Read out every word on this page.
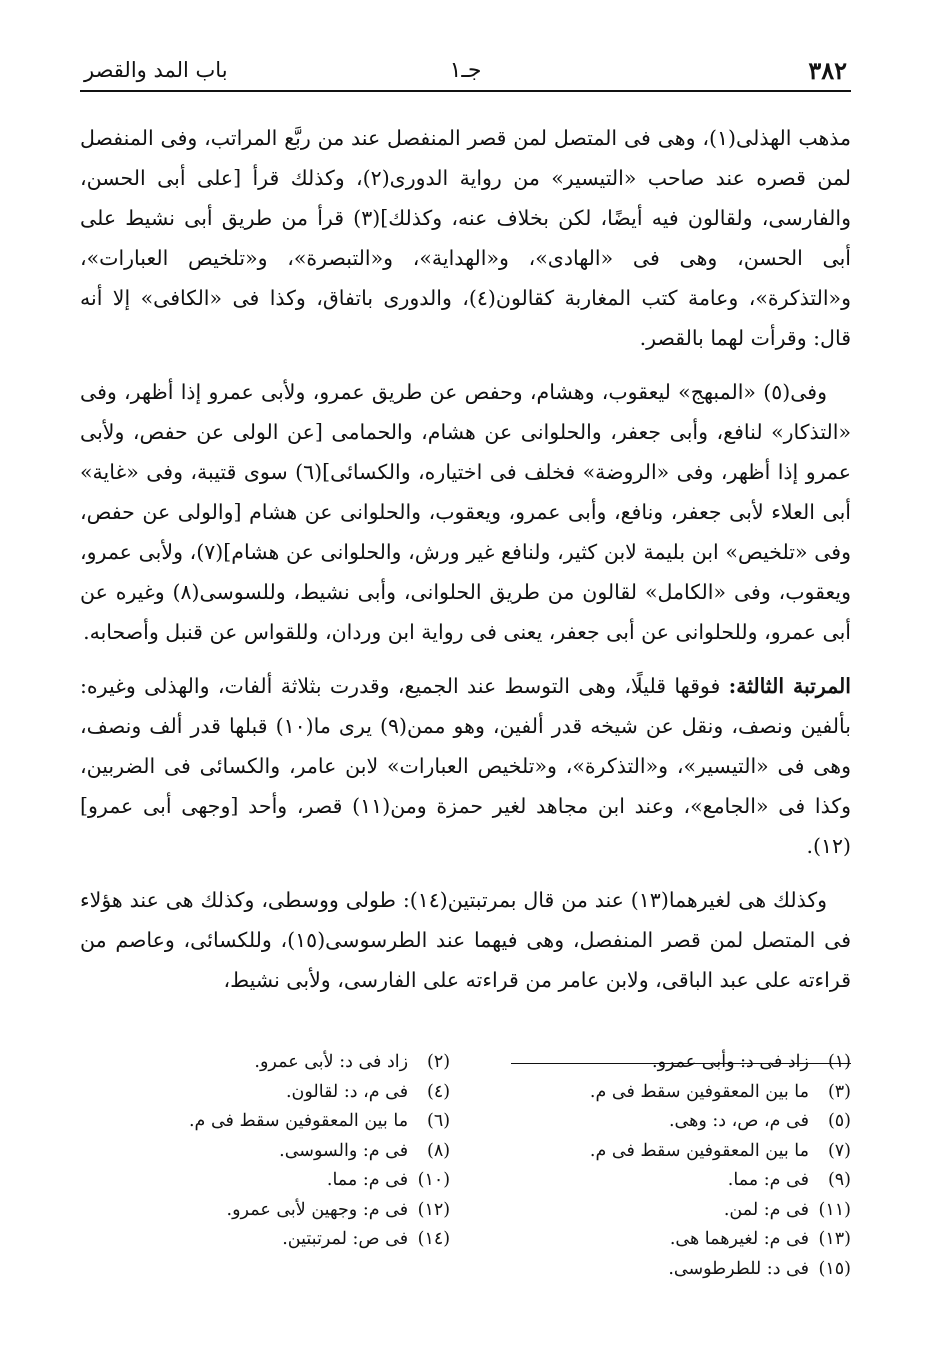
٣٨٢
جـ١
باب المد والقصر

مذهب الهذلى(١)، وهى فى المتصل لمن قصر المنفصل عند من ربَّع المراتب، وفى المنفصل لمن قصره عند صاحب «التيسير» من رواية الدورى(٢)، وكذلك قرأ [على أبى الحسن، والفارسى، ولقالون فيه أيضًا، لكن بخلاف عنه، وكذلك](٣) قرأ من طريق أبى نشيط على أبى الحسن، وهى فى «الهادى»، و«الهداية»، و«التبصرة»، و«تلخيص العبارات»، و«التذكرة»، وعامة كتب المغاربة كقالون(٤)، والدورى باتفاق، وكذا فى «الكافى» إلا أنه قال: وقرأت لهما بالقصر.

وفى(٥) «المبهج» ليعقوب، وهشام، وحفص عن طريق عمرو، ولأبى عمرو إذا أظهر، وفى «التذكار» لنافع، وأبى جعفر، والحلوانى عن هشام، والحمامى [عن الولى عن حفص، ولأبى عمرو إذا أظهر، وفى «الروضة» فخلف فى اختياره، والكسائى](٦) سوى قتيبة، وفى «غاية» أبى العلاء لأبى جعفر، ونافع، وأبى عمرو، ويعقوب، والحلوانى عن هشام [والولى عن حفص، وفى «تلخيص» ابن بليمة لابن كثير، ولنافع غير ورش، والحلوانى عن هشام](٧)، ولأبى عمرو، ويعقوب، وفى «الكامل» لقالون من طريق الحلوانى، وأبى نشيط، وللسوسى(٨) وغيره عن أبى عمرو، وللحلوانى عن أبى جعفر، يعنى فى رواية ابن وردان، وللقواس عن قنبل وأصحابه.

المرتبة الثالثة: فوقها قليلًا، وهى التوسط عند الجميع، وقدرت بثلاثة ألفات، والهذلى وغيره: بألفين ونصف، ونقل عن شيخه قدر ألفين، وهو ممن(٩) يرى ما(١٠) قبلها قدر ألف ونصف، وهى فى «التيسير»، و«التذكرة»، و«تلخيص العبارات» لابن عامر، والكسائى فى الضربين، وكذا فى «الجامع»، وعند ابن مجاهد لغير حمزة ومن(١١) قصر، وأحد [وجهى أبى عمرو](١٢).

وكذلك هى لغيرهما(١٣) عند من قال بمرتبتين(١٤): طولى ووسطى، وكذلك هى عند هؤلاء فى المتصل لمن قصر المنفصل، وهى فيهما عند الطرسوسى(١٥)، وللكسائى، وعاصم من قراءته على عبد الباقى، ولابن عامر من قراءته على الفارسى، ولأبى نشيط،

(١)
زاد فى د: وأبى عمرو.
(٣)
ما بين المعقوفين سقط فى م.
(٥)
فى م، ص، د: وهى.
(٧)
ما بين المعقوفين سقط فى م.
(٩)
فى م: مما.
(١١)
فى م: لمن.
(١٣)
فى م: لغيرهما هى.
(١٥)
فى د: للطرطوسى.
(٢)
زاد فى د: لأبى عمرو.
(٤)
فى م، د: لقالون.
(٦)
ما بين المعقوفين سقط فى م.
(٨)
فى م: والسوسى.
(١٠)
فى م: مما.
(١٢)
فى م: وجهين لأبى عمرو.
(١٤)
فى ص: لمرتبتين.
